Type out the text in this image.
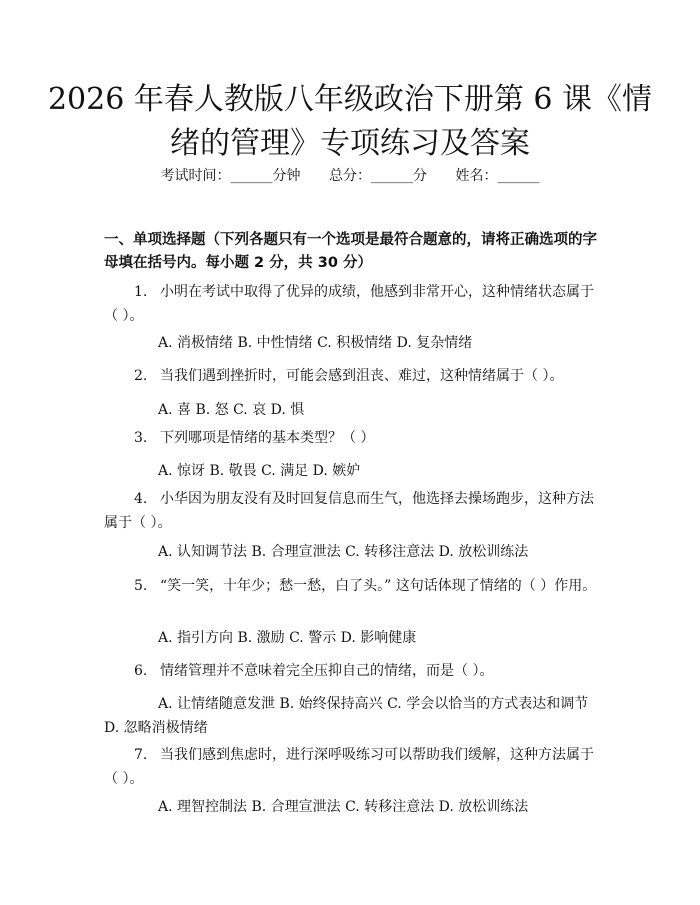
2026 年春人教版八年级政治下册第 6 课《情
绪的管理》专项练习及答案
考试时间：______分钟 总分：______分 姓名：______
一、单项选择题（下列各题只有一个选项是最符合题意的，请将正确选项的字母填在括号内。每小题 2 分，共 30 分）
1. 小明在考试中取得了优异的成绩，他感到非常开心，这种情绪状态属于（ ）。
A. 消极情绪 B. 中性情绪 C. 积极情绪 D. 复杂情绪
2. 当我们遇到挫折时，可能会感到沮丧、难过，这种情绪属于（ ）。
A. 喜 B. 怒 C. 哀 D. 惧
3. 下列哪项是情绪的基本类型？（ ）
A. 惊讶 B. 敬畏 C. 满足 D. 嫉妒
4. 小华因为朋友没有及时回复信息而生气，他选择去操场跑步，这种方法属于（ ）。
A. 认知调节法 B. 合理宣泄法 C. 转移注意法 D. 放松训练法
5. “笑一笑，十年少；愁一愁，白了头。” 这句话体现了情绪的（ ）作用。
A. 指引方向 B. 激励 C. 警示 D. 影响健康
6. 情绪管理并不意味着完全压抑自己的情绪，而是（ ）。
A. 让情绪随意发泄 B. 始终保持高兴 C. 学会以恰当的方式表达和调节 D. 忽略消极情绪
7. 当我们感到焦虑时，进行深呼吸练习可以帮助我们缓解，这种方法属于（ ）。
A. 理智控制法 B. 合理宣泄法 C. 转移注意法 D. 放松训练法
